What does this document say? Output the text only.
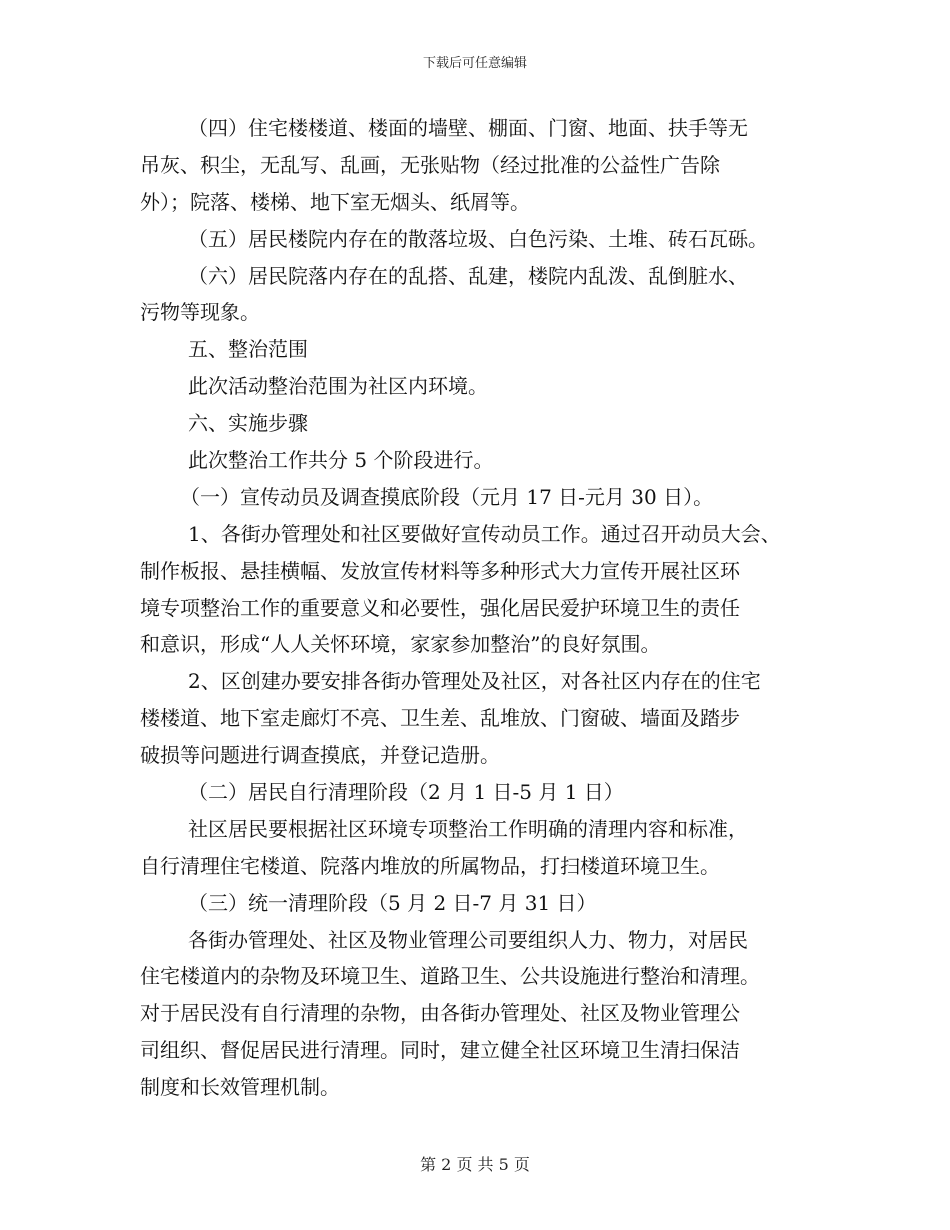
下载后可任意编辑
（四）住宅楼楼道、楼面的墙壁、棚面、门窗、地面、扶手等无
吊灰、积尘，无乱写、乱画，无张贴物（经过批准的公益性广告除
外）；院落、楼梯、地下室无烟头、纸屑等。
（五）居民楼院内存在的散落垃圾、白色污染、土堆、砖石瓦砾。
（六）居民院落内存在的乱搭、乱建，楼院内乱泼、乱倒脏水、
污物等现象。
五、整治范围
此次活动整治范围为社区内环境。
六、实施步骤
此次整治工作共分 5 个阶段进行。
（一）宣传动员及调查摸底阶段（元月 17 日-元月 30 日）。
1、各街办管理处和社区要做好宣传动员工作。通过召开动员大会、
制作板报、悬挂横幅、发放宣传材料等多种形式大力宣传开展社区环
境专项整治工作的重要意义和必要性，强化居民爱护环境卫生的责任
和意识，形成“人人关怀环境，家家参加整治”的良好氛围。
2、区创建办要安排各街办管理处及社区，对各社区内存在的住宅
楼楼道、地下室走廊灯不亮、卫生差、乱堆放、门窗破、墙面及踏步
破损等问题进行调查摸底，并登记造册。
（二）居民自行清理阶段（2 月 1 日-5 月 1 日）
社区居民要根据社区环境专项整治工作明确的清理内容和标准，
自行清理住宅楼道、院落内堆放的所属物品，打扫楼道环境卫生。
（三）统一清理阶段（5 月 2 日-7 月 31 日）
各街办管理处、社区及物业管理公司要组织人力、物力，对居民
住宅楼道内的杂物及环境卫生、道路卫生、公共设施进行整治和清理。
对于居民没有自行清理的杂物，由各街办管理处、社区及物业管理公
司组织、督促居民进行清理。同时，建立健全社区环境卫生清扫保洁
制度和长效管理机制。
第 2 页 共 5 页
